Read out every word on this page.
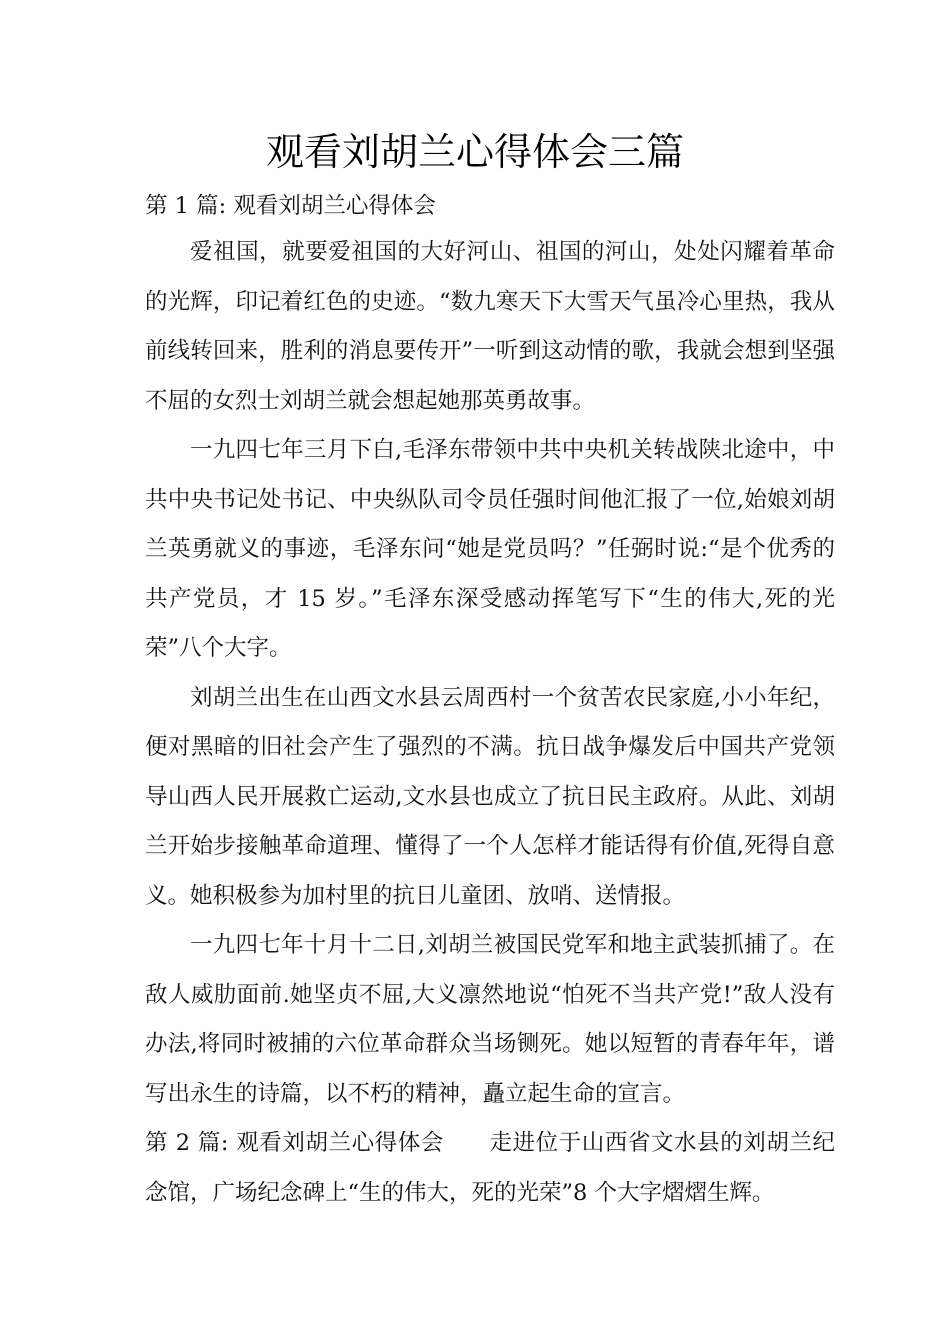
观看刘胡兰心得体会三篇

第 1 篇: 观看刘胡兰心得体会

爱祖国，就要爱祖国的大好河山、祖国的河山，处处闪耀着革命的光辉，印记着红色的史迹。“数九寒天下大雪天气虽冷心里热，我从前线转回来，胜利的消息要传开”一听到这动情的歌，我就会想到坚强不屈的女烈士刘胡兰就会想起她那英勇故事。

一九四七年三月下白,毛泽东带领中共中央机关转战陕北途中，中共中央书记处书记、中央纵队司令员任强时间他汇报了一位,始娘刘胡兰英勇就义的事迹，毛泽东问“她是党员吗？”任弼时说:“是个优秀的共产党员，才 15 岁。”毛泽东深受感动挥笔写下“生的伟大,死的光荣”八个大字。

刘胡兰出生在山西文水县云周西村一个贫苦农民家庭,小小年纪，便对黑暗的旧社会产生了强烈的不满。抗日战争爆发后中国共产党领导山西人民开展救亡运动,文水县也成立了抗日民主政府。从此、刘胡兰开始步接触革命道理、懂得了一个人怎样才能话得有价值,死得自意义。她积极参为加村里的抗日儿童团、放哨、送情报。

一九四七年十月十二日,刘胡兰被国民党军和地主武装抓捕了。在敌人威肋面前.她坚贞不屈,大义凛然地说“怕死不当共产党!”敌人没有办法,将同时被捕的六位革命群众当场铡死。她以短暂的青春年年，谱写出永生的诗篇，以不朽的精神，矗立起生命的宣言。

第 2 篇: 观看刘胡兰心得体会 走进位于山西省文水县的刘胡兰纪念馆，广场纪念碑上“生的伟大，死的光荣”8 个大字熠熠生辉。
